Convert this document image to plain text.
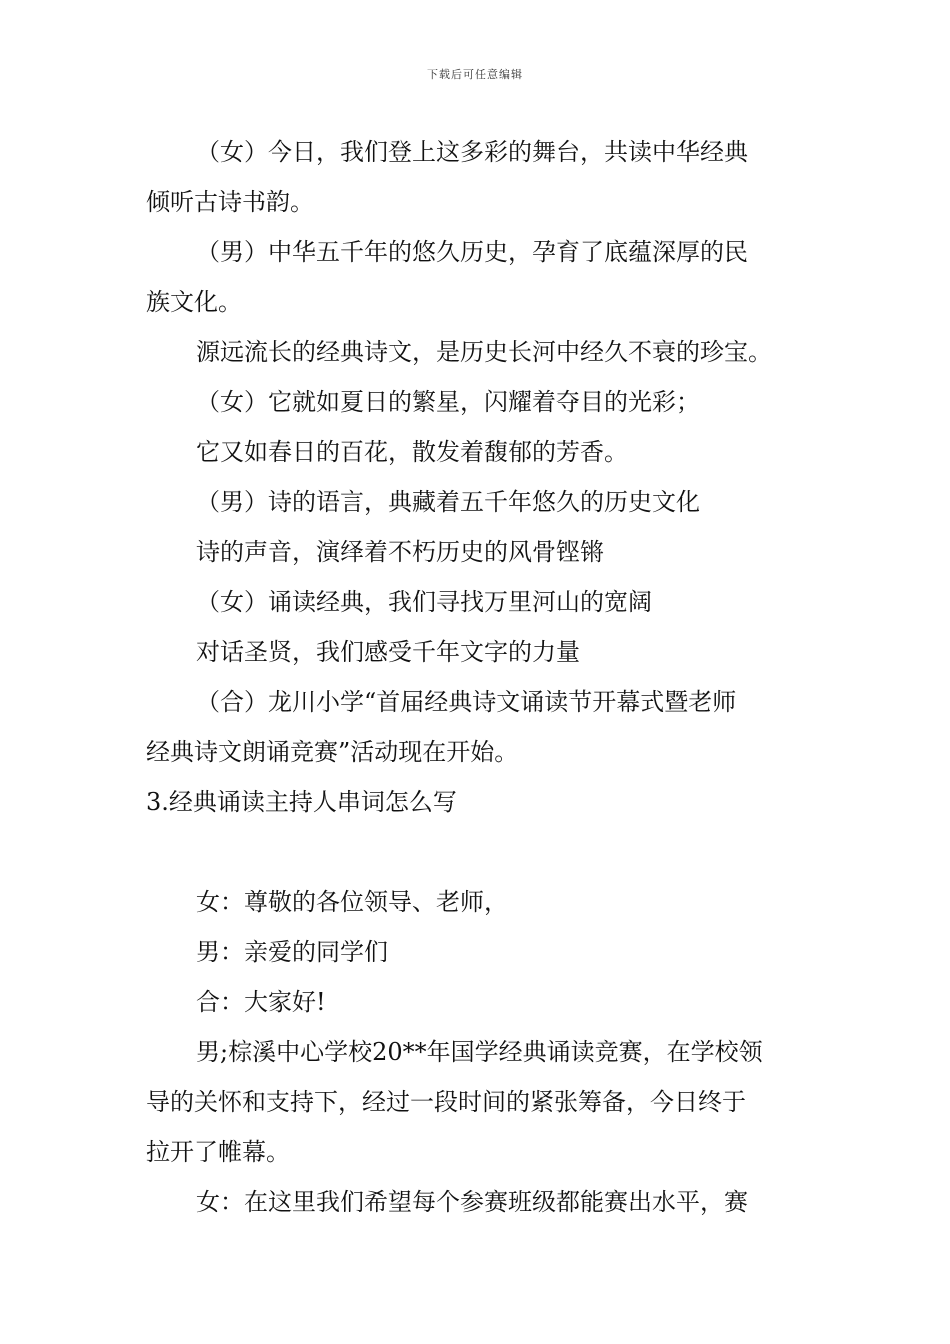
下载后可任意编辑
（女）今日，我们登上这多彩的舞台，共读中华经典
倾听古诗书韵。
（男）中华五千年的悠久历史，孕育了底蕴深厚的民
族文化。
源远流长的经典诗文，是历史长河中经久不衰的珍宝。
（女）它就如夏日的繁星，闪耀着夺目的光彩；
它又如春日的百花，散发着馥郁的芳香。
（男）诗的语言，典藏着五千年悠久的历史文化
诗的声音，演绎着不朽历史的风骨铿锵
（女）诵读经典，我们寻找万里河山的宽阔
对话圣贤，我们感受千年文字的力量
（合）龙川小学“首届经典诗文诵读节开幕式暨老师
经典诗文朗诵竞赛”活动现在开始。
3.经典诵读主持人串词怎么写
女：尊敬的各位领导、老师，
男：亲爱的同学们
合：大家好!
男;棕溪中心学校20**年国学经典诵读竞赛，在学校领
导的关怀和支持下，经过一段时间的紧张筹备，今日终于
拉开了帷幕。
女：在这里我们希望每个参赛班级都能赛出水平，赛
